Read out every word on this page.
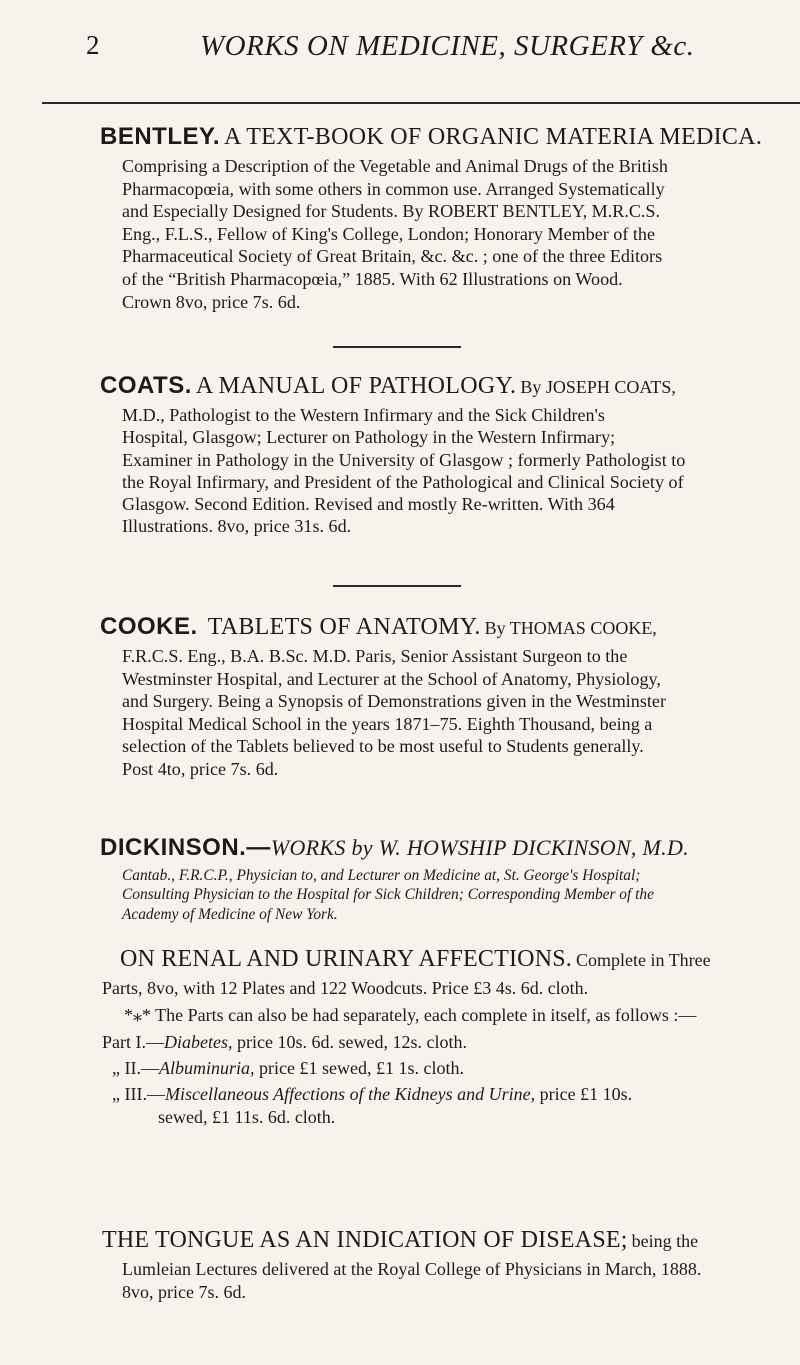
2	WORKS ON MEDICINE, SURGERY &c.

BENTLEY. A TEXT-BOOK OF ORGANIC MATERIA MEDICA.

Comprising a Description of the Vegetable and Animal Drugs of the British

Pharmacopœia, with some others in common use. Arranged Systematically

and Especially Designed for Students. By ROBERT BENTLEY, M.R.C.S.

Eng., F.L.S., Fellow of King's College, London; Honorary Member of the

Pharmaceutical Society of Great Britain, &c. &c. ; one of the three Editors

of the “British Pharmacopœia,” 1885. With 62 Illustrations on Wood.

Crown 8vo, price 7s. 6d.

COATS. A MANUAL OF PATHOLOGY. By JOSEPH COATS,

M.D., Pathologist to the Western Infirmary and the Sick Children's

Hospital, Glasgow; Lecturer on Pathology in the Western Infirmary;

Examiner in Pathology in the University of Glasgow ; formerly Pathologist to

the Royal Infirmary, and President of the Pathological and Clinical Society of

Glasgow. Second Edition. Revised and mostly Re-written. With 364

Illustrations. 8vo, price 31s. 6d.

COOKE. TABLETS OF ANATOMY. By THOMAS COOKE,

F.R.C.S. Eng., B.A. B.Sc. M.D. Paris, Senior Assistant Surgeon to the

Westminster Hospital, and Lecturer at the School of Anatomy, Physiology,

and Surgery. Being a Synopsis of Demonstrations given in the Westminster

Hospital Medical School in the years 1871–75. Eighth Thousand, being a

selection of the Tablets believed to be most useful to Students generally.

Post 4to, price 7s. 6d.

DICKINSON.—WORKS by W. HOWSHIP DICKINSON, M.D.

Cantab., F.R.C.P., Physician to, and Lecturer on Medicine at, St. George's Hospital;

Consulting Physician to the Hospital for Sick Children; Corresponding Member of the

Academy of Medicine of New York.

ON RENAL AND URINARY AFFECTIONS. Complete in Three

Parts, 8vo, with 12 Plates and 122 Woodcuts. Price £3 4s. 6d. cloth.

*⁎* The Parts can also be had separately, each complete in itself, as follows :—

Part I.—Diabetes, price 10s. 6d. sewed, 12s. cloth.

„ II.—Albuminuria, price £1 sewed, £1 1s. cloth.

„ III.—Miscellaneous Affections of the Kidneys and Urine, price £1 10s.

sewed, £1 11s. 6d. cloth.

THE TONGUE AS AN INDICATION OF DISEASE; being the

Lumleian Lectures delivered at the Royal College of Physicians in March, 1888.

8vo, price 7s. 6d.
